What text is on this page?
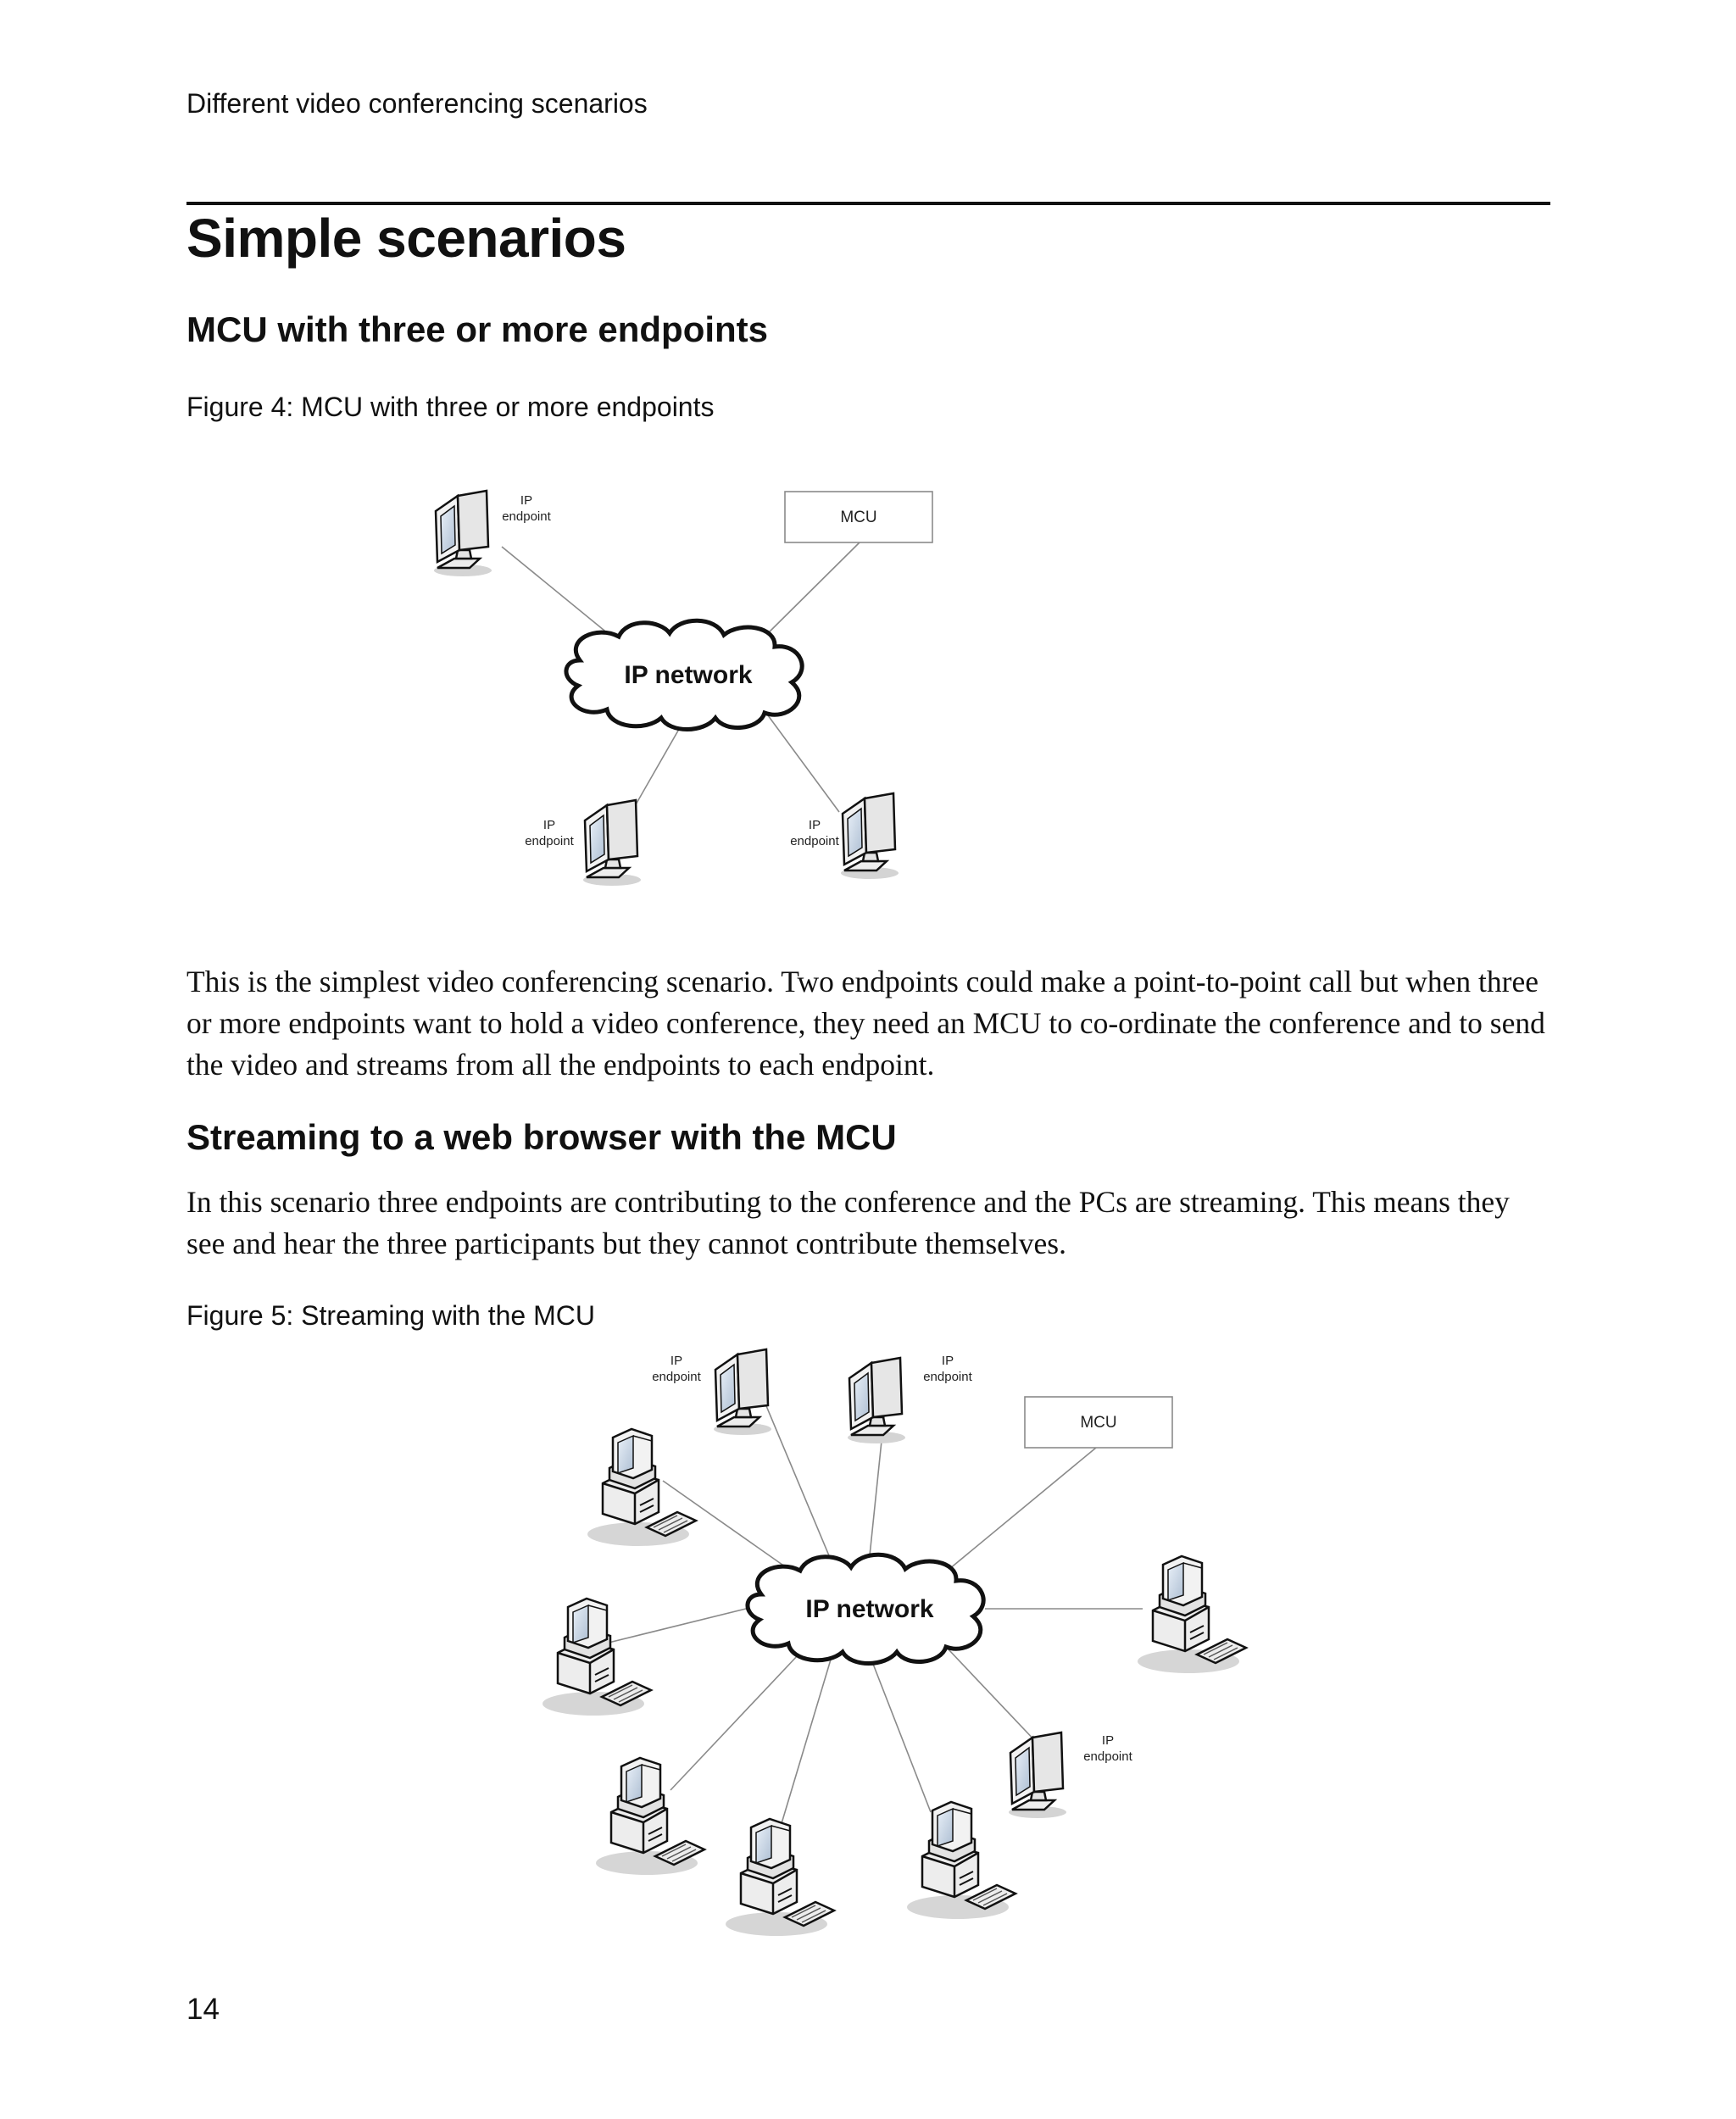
Different video conferencing scenarios
Simple scenarios
MCU with three or more endpoints
Figure 4: MCU with three or more endpoints
IP network
MCU
IP
endpoint
IP
endpoint
IP
endpoint
IP network
MCU
IP
endpoint
IP
endpoint
IP
endpoint

This is the simplest video conferencing scenario. Two endpoints could make a point-to-point call but when three or more endpoints want to hold a video conference, they need an MCU to co-ordinate the conference and to send the video and streams from all the endpoints to each endpoint.

Streaming to a web browser with the MCU

In this scenario three endpoints are contributing to the conference and the PCs are streaming. This means they see and hear the three participants but they cannot contribute themselves.

Figure 5: Streaming with the MCU
14
